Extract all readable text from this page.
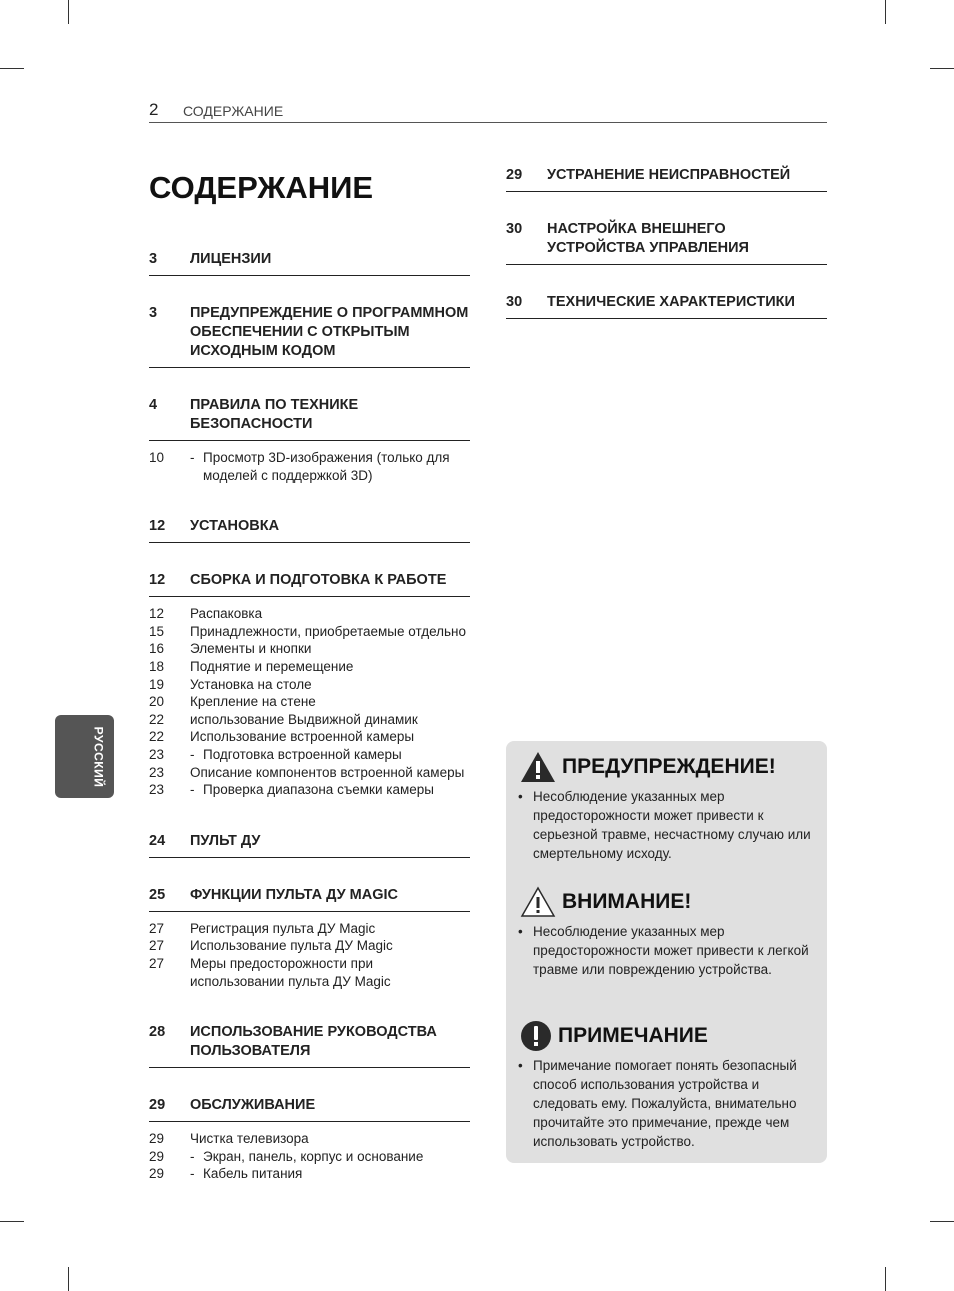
2 СОДЕРЖАНИЕ
СОДЕРЖАНИЕ
3	ЛИЦЕНЗИИ
3	ПРЕДУПРЕЖДЕНИЕ О ПРОГРАММНОМ ОБЕСПЕЧЕНИИ С ОТКРЫТЫМ ИСХОДНЫМ КОДОМ
4	ПРАВИЛА ПО ТЕХНИКЕ БЕЗОПАСНОСТИ
10	- Просмотр 3D-изображения (только для моделей с поддержкой 3D)
12	УСТАНОВКА
12	СБОРКА И ПОДГОТОВКА К РАБОТЕ
12	Распаковка
15	Принадлежности, приобретаемые отдельно
16	Элементы и кнопки
18	Поднятие и перемещение
19	Установка на столе
20	Крепление на стене
22	использование Выдвижной динамик
22	Использование встроенной камеры
23	- Подготовка встроенной камеры
23	Описание компонентов встроенной камеры
23	- Проверка диапазона съемки камеры
24	ПУЛЬТ ДУ
25	ФУНКЦИИ ПУЛЬТА ДУ MAGIC
27	Регистрация пульта ДУ Magic
27	Использование пульта ДУ Magic
27	Меры предосторожности при использовании пульта ДУ Magic
28	ИСПОЛЬЗОВАНИЕ РУКОВОДСТВА ПОЛЬЗОВАТЕЛЯ
29	ОБСЛУЖИВАНИЕ
29	Чистка телевизора
29	- Экран, панель, корпус и основание
29	- Кабель питания
29	УСТРАНЕНИЕ НЕИСПРАВНОСТЕЙ
30	НАСТРОЙКА ВНЕШНЕГО УСТРОЙСТВА УПРАВЛЕНИЯ
30	ТЕХНИЧЕСКИЕ ХАРАКТЕРИСТИКИ
РУССКИЙ	ПРЕДУПРЕЖДЕНИЕ!
• Несоблюдение указанных мер предосторожности может привести к серьезной травме, несчастному случаю или смертельному исходу.
ВНИМАНИЕ!
• Несоблюдение указанных мер предосторожности может привести к легкой травме или повреждению устройства.
ПРИМЕЧАНИЕ
• Примечание помогает понять безопасный способ использования устройства и следовать ему. Пожалуйста, внимательно прочитайте это примечание, прежде чем использовать устройство.
